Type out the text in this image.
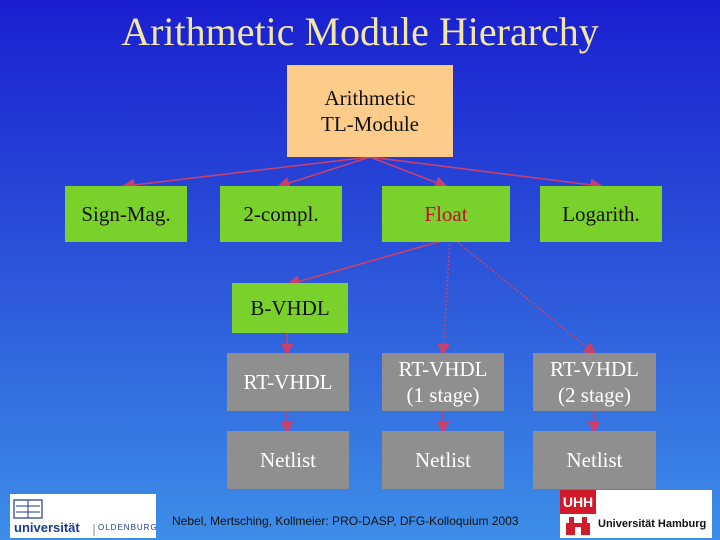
Arithmetic Module Hierarchy
Arithmetic
TL-Module
Sign-Mag.	2-compl.	Float	Logarith.
B-VHDL
RT-VHDL
RT-VHDL
(1 stage)
RT-VHDL
(2 stage)
Netlist	Netlist	Netlist
universität OLDENBURG Nebel, Mertsching, Kollmeier: PRO-DASP, DFG-Kolloquium 2003
UHH
Universität Hamburg
